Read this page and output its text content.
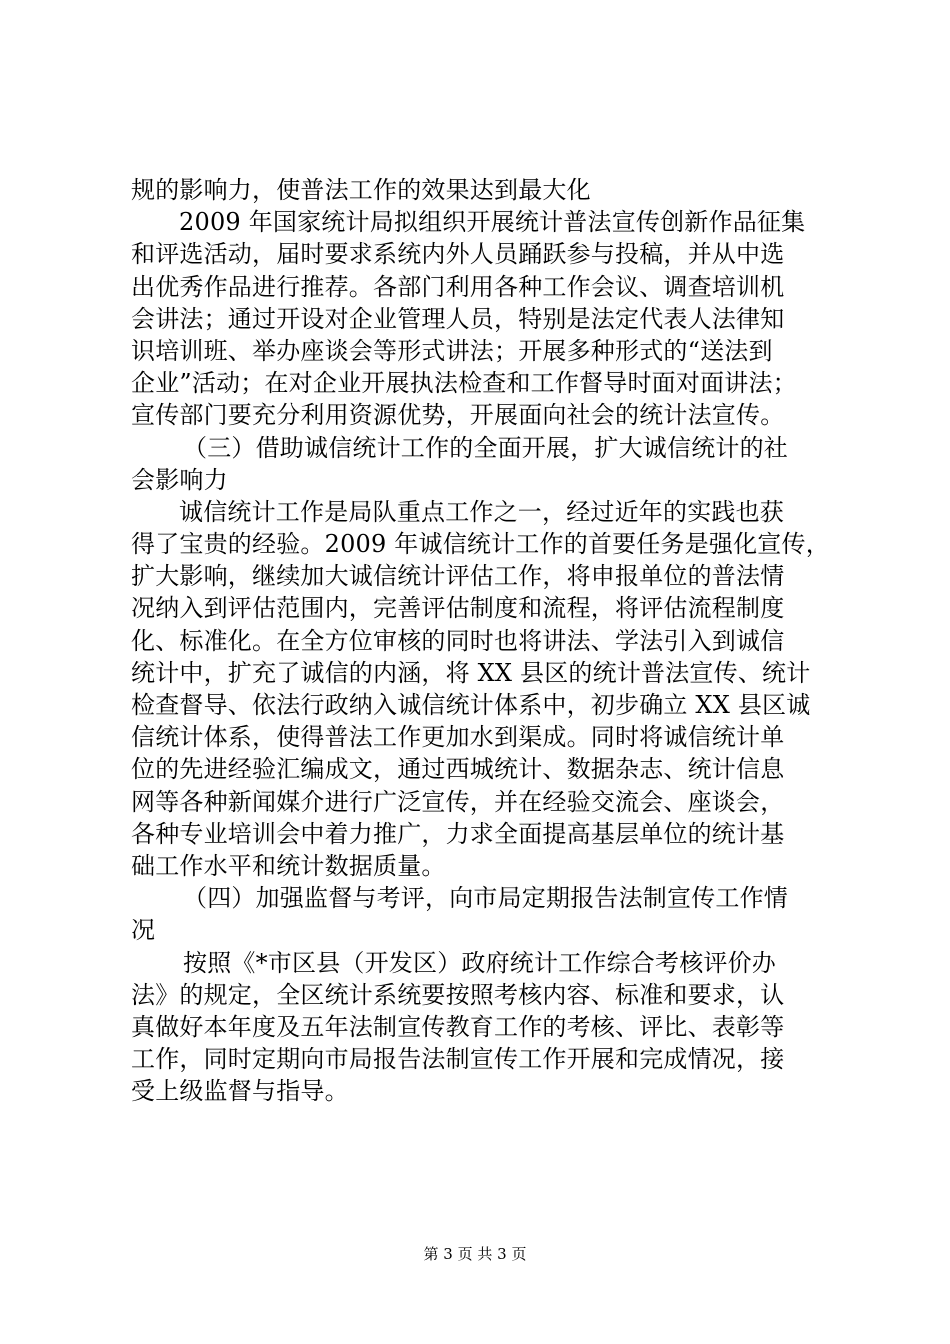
规的影响力，使普法工作的效果达到最大化
2009 年国家统计局拟组织开展统计普法宣传创新作品征集
和评选活动，届时要求系统内外人员踊跃参与投稿，并从中选
出优秀作品进行推荐。各部门利用各种工作会议、调查培训机
会讲法；通过开设对企业管理人员，特别是法定代表人法律知
识培训班、举办座谈会等形式讲法；开展多种形式的“送法到
企业”活动；在对企业开展执法检查和工作督导时面对面讲法；
宣传部门要充分利用资源优势，开展面向社会的统计法宣传。
（三）借助诚信统计工作的全面开展，扩大诚信统计的社
会影响力
诚信统计工作是局队重点工作之一，经过近年的实践也获
得了宝贵的经验。2009 年诚信统计工作的首要任务是强化宣传，
扩大影响，继续加大诚信统计评估工作，将申报单位的普法情
况纳入到评估范围内，完善评估制度和流程，将评估流程制度
化、标准化。在全方位审核的同时也将讲法、学法引入到诚信
统计中，扩充了诚信的内涵，将 XX 县区的统计普法宣传、统计
检查督导、依法行政纳入诚信统计体系中，初步确立 XX 县区诚
信统计体系，使得普法工作更加水到渠成。同时将诚信统计单
位的先进经验汇编成文，通过西城统计、数据杂志、统计信息
网等各种新闻媒介进行广泛宣传，并在经验交流会、座谈会，
各种专业培训会中着力推广，力求全面提高基层单位的统计基
础工作水平和统计数据质量。
（四）加强监督与考评，向市局定期报告法制宣传工作情
况
按照《*市区县（开发区）政府统计工作综合考核评价办
法》的规定，全区统计系统要按照考核内容、标准和要求，认
真做好本年度及五年法制宣传教育工作的考核、评比、表彰等
工作，同时定期向市局报告法制宣传工作开展和完成情况，接
受上级监督与指导。
第 3 页 共 3 页
